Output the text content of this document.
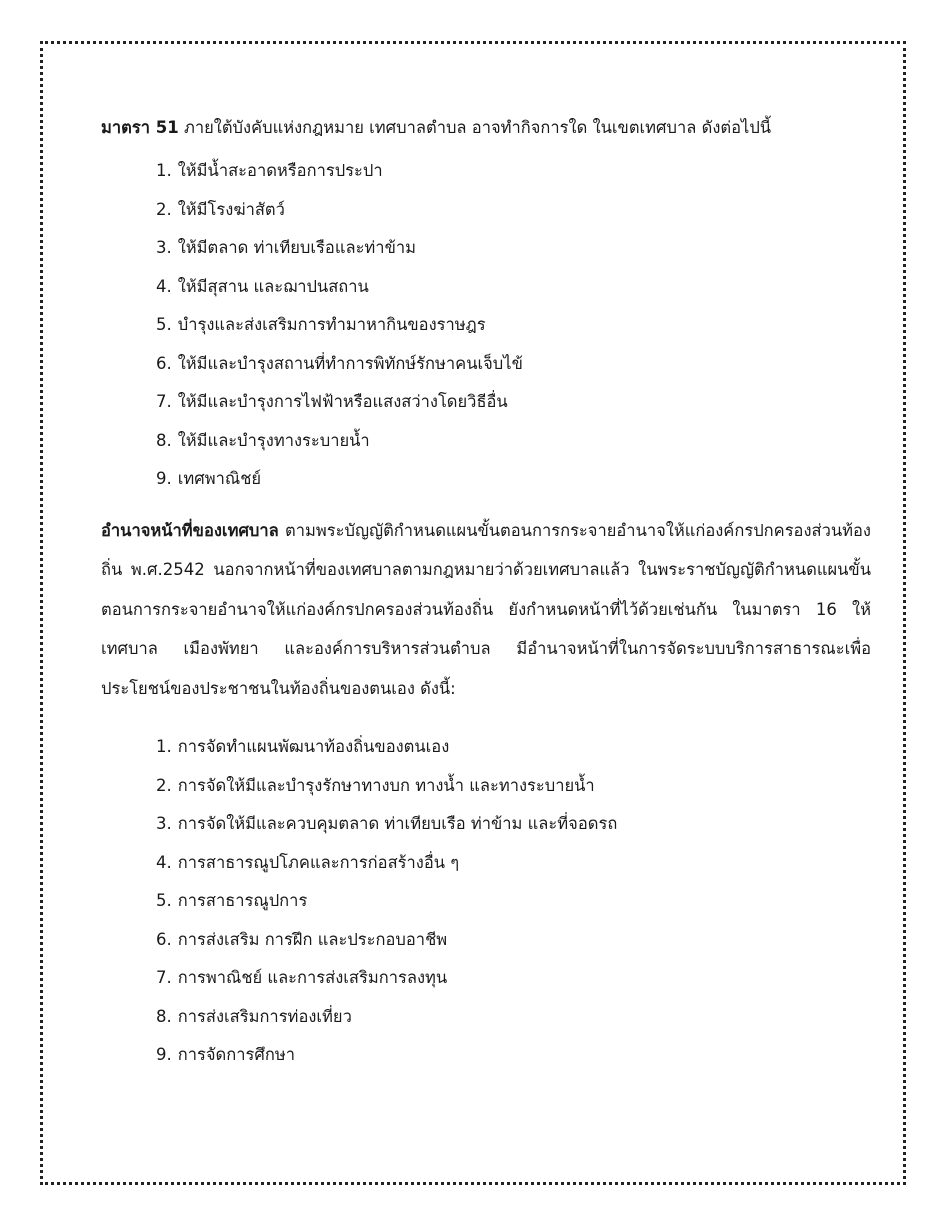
มาตรา 51 ภายใต้บังคับแห่งกฎหมาย เทศบาลตำบล อาจทำกิจการใด ในเขตเทศบาล ดังต่อไปนี้

1. ให้มีน้ำสะอาดหรือการประปา
2. ให้มีโรงฆ่าสัตว์
3. ให้มีตลาด ท่าเทียบเรือและท่าข้าม
4. ให้มีสุสาน และฌาปนสถาน
5. บำรุงและส่งเสริมการทำมาหากินของราษฎร
6. ให้มีและบำรุงสถานที่ทำการพิทักษ์รักษาคนเจ็บไข้
7. ให้มีและบำรุงการไฟฟ้าหรือแสงสว่างโดยวิธีอื่น
8. ให้มีและบำรุงทางระบายน้ำ
9. เทศพาณิชย์

อำนาจหน้าที่ของเทศบาล ตามพระบัญญัติกำหนดแผนขั้นตอนการกระจายอำนาจให้แก่องค์กรปกครองส่วนท้องถิ่น พ.ศ.2542 นอกจากหน้าที่ของเทศบาลตามกฎหมายว่าด้วยเทศบาลแล้ว ในพระราชบัญญัติกำหนดแผนขั้นตอนการกระจายอำนาจให้แก่องค์กรปกครองส่วนท้องถิ่น ยังกำหนดหน้าที่ไว้ด้วยเช่นกัน ในมาตรา 16 ให้เทศบาล เมืองพัทยา และองค์การบริหารส่วนตำบล มีอำนาจหน้าที่ในการจัดระบบบริการสาธารณะเพื่อประโยชน์ของประชาชนในท้องถิ่นของตนเอง ดังนี้:

1. การจัดทำแผนพัฒนาท้องถิ่นของตนเอง
2. การจัดให้มีและบำรุงรักษาทางบก ทางน้ำ และทางระบายน้ำ
3. การจัดให้มีและควบคุมตลาด ท่าเทียบเรือ ท่าข้าม และที่จอดรถ
4. การสาธารณูปโภคและการก่อสร้างอื่น ๆ
5. การสาธารณูปการ
6. การส่งเสริม การฝึก และประกอบอาชีพ
7. การพาณิชย์ และการส่งเสริมการลงทุน
8. การส่งเสริมการท่องเที่ยว
9. การจัดการศึกษา
